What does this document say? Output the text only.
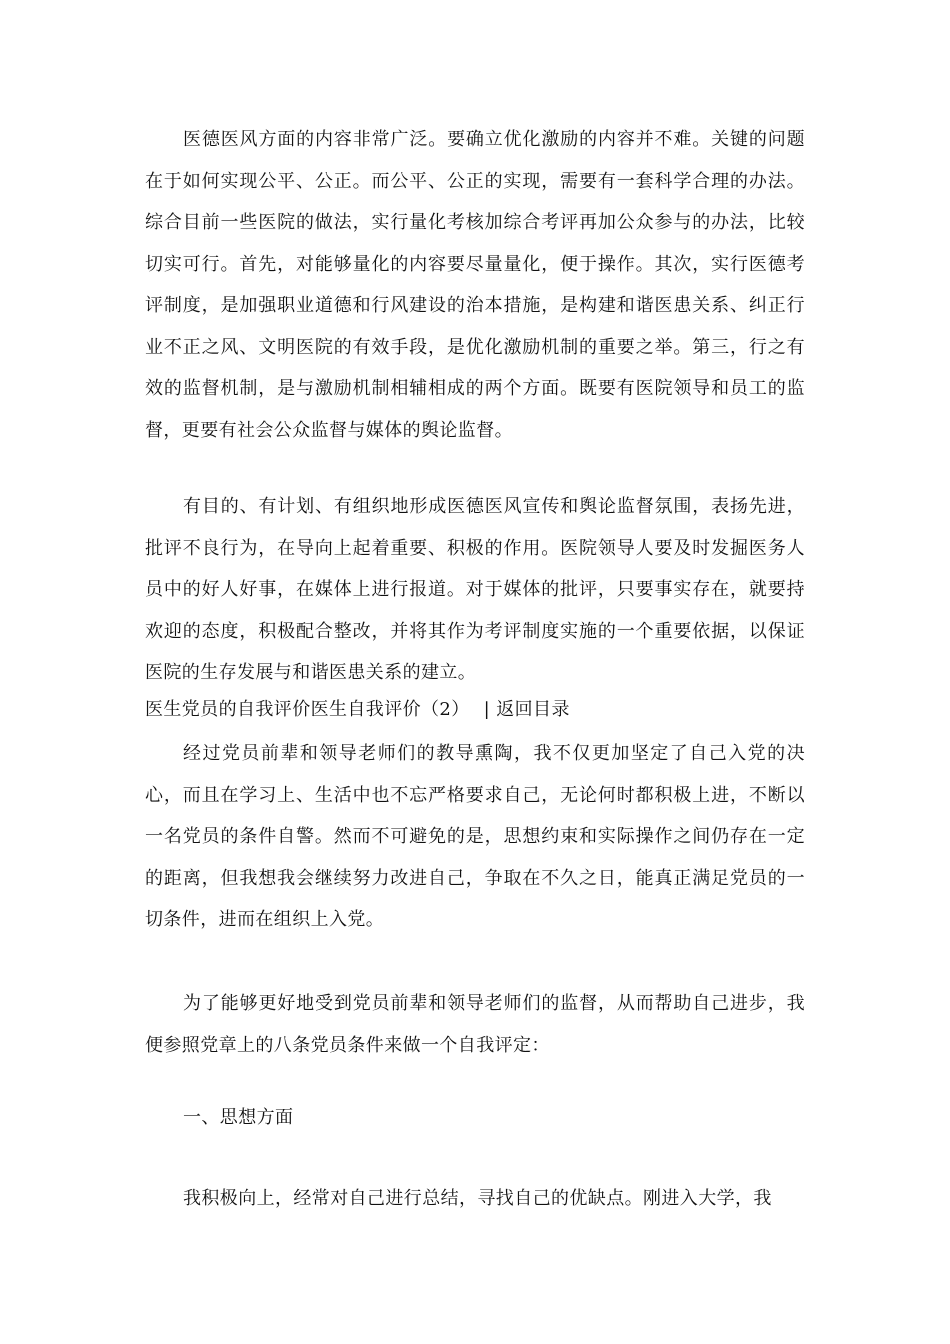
医德医风方面的内容非常广泛。要确立优化激励的内容并不难。关键的问题在于如何实现公平、公正。而公平、公正的实现，需要有一套科学合理的办法。综合目前一些医院的做法，实行量化考核加综合考评再加公众参与的办法，比较切实可行。首先，对能够量化的内容要尽量量化，便于操作。其次，实行医德考评制度，是加强职业道德和行风建设的治本措施，是构建和谐医患关系、纠正行业不正之风、文明医院的有效手段，是优化激励机制的重要之举。第三，行之有效的监督机制，是与激励机制相辅相成的两个方面。既要有医院领导和员工的监督，更要有社会公众监督与媒体的舆论监督。

有目的、有计划、有组织地形成医德医风宣传和舆论监督氛围，表扬先进，批评不良行为，在导向上起着重要、积极的作用。医院领导人要及时发掘医务人员中的好人好事，在媒体上进行报道。对于媒体的批评，只要事实存在，就要持欢迎的态度，积极配合整改，并将其作为考评制度实施的一个重要依据，以保证医院的生存发展与和谐医患关系的建立。

医生党员的自我评价医生自我评价（2） | 返回目录

经过党员前辈和领导老师们的教导熏陶，我不仅更加坚定了自己入党的决心，而且在学习上、生活中也不忘严格要求自己，无论何时都积极上进，不断以一名党员的条件自警。然而不可避免的是，思想约束和实际操作之间仍存在一定的距离，但我想我会继续努力改进自己，争取在不久之日，能真正满足党员的一切条件，进而在组织上入党。

为了能够更好地受到党员前辈和领导老师们的监督，从而帮助自己进步，我便参照党章上的八条党员条件来做一个自我评定：

一、思想方面

我积极向上，经常对自己进行总结，寻找自己的优缺点。刚进入大学，我
